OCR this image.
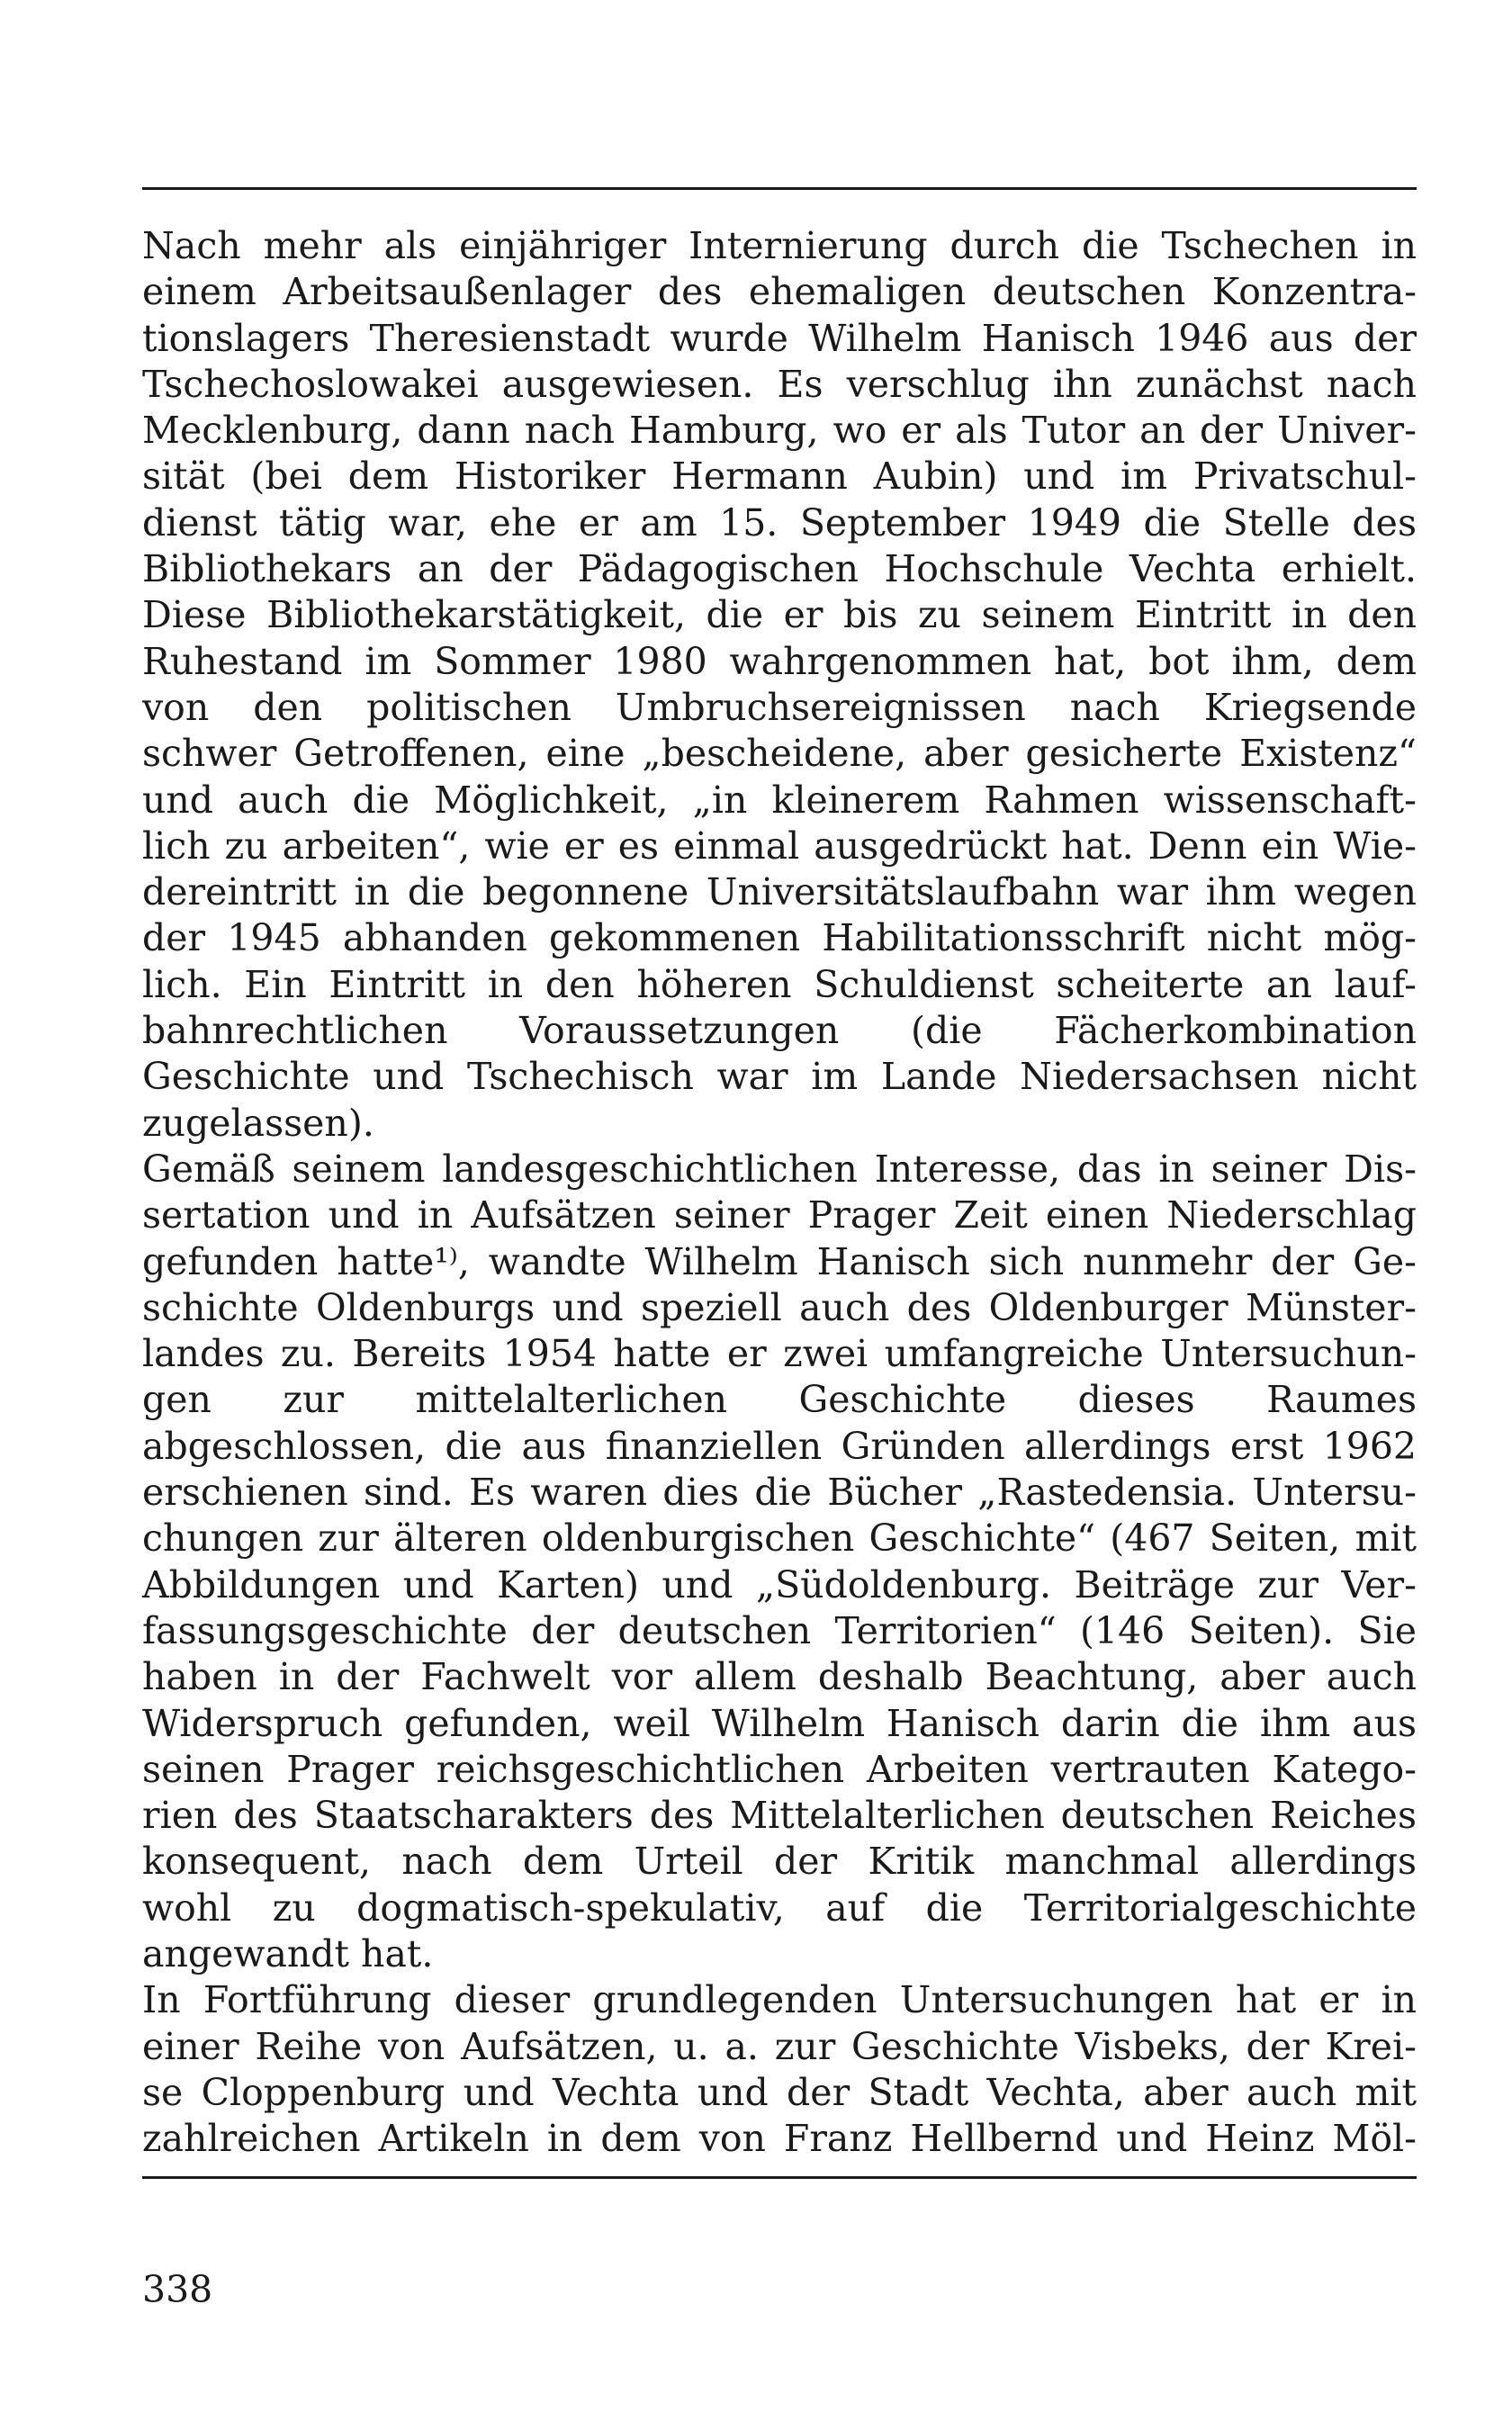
Nach mehr als einjähriger Internierung durch die Tschechen in
einem Arbeitsaußenlager des ehemaligen deutschen Konzentra-
tionslagers Theresienstadt wurde Wilhelm Hanisch 1946 aus der
Tschechoslowakei ausgewiesen. Es verschlug ihn zunächst nach
Mecklenburg, dann nach Hamburg, wo er als Tutor an der Univer-
sität (bei dem Historiker Hermann Aubin) und im Privatschul-
dienst tätig war, ehe er am 15. September 1949 die Stelle des
Bibliothekars an der Pädagogischen Hochschule Vechta erhielt.
Diese Bibliothekarstätigkeit, die er bis zu seinem Eintritt in den
Ruhestand im Sommer 1980 wahrgenommen hat, bot ihm, dem
von den politischen Umbruchsereignissen nach Kriegsende
schwer Getroffenen, eine „bescheidene, aber gesicherte Existenz“
und auch die Möglichkeit, „in kleinerem Rahmen wissenschaft-
lich zu arbeiten“, wie er es einmal ausgedrückt hat. Denn ein Wie-
dereintritt in die begonnene Universitätslaufbahn war ihm wegen
der 1945 abhanden gekommenen Habilitationsschrift nicht mög-
lich. Ein Eintritt in den höheren Schuldienst scheiterte an lauf-
bahnrechtlichen Voraussetzungen (die Fächerkombination
Geschichte und Tschechisch war im Lande Niedersachsen nicht
zugelassen).
Gemäß seinem landesgeschichtlichen Interesse, das in seiner Dis-
sertation und in Aufsätzen seiner Prager Zeit einen Niederschlag
gefunden hatte¹⁾, wandte Wilhelm Hanisch sich nunmehr der Ge-
schichte Oldenburgs und speziell auch des Oldenburger Münster-
landes zu. Bereits 1954 hatte er zwei umfangreiche Untersuchun-
gen zur mittelalterlichen Geschichte dieses Raumes
abgeschlossen, die aus finanziellen Gründen allerdings erst 1962
erschienen sind. Es waren dies die Bücher „Rastedensia. Untersu-
chungen zur älteren oldenburgischen Geschichte“ (467 Seiten, mit
Abbildungen und Karten) und „Südoldenburg. Beiträge zur Ver-
fassungsgeschichte der deutschen Territorien“ (146 Seiten). Sie
haben in der Fachwelt vor allem deshalb Beachtung, aber auch
Widerspruch gefunden, weil Wilhelm Hanisch darin die ihm aus
seinen Prager reichsgeschichtlichen Arbeiten vertrauten Katego-
rien des Staatscharakters des Mittelalterlichen deutschen Reiches
konsequent, nach dem Urteil der Kritik manchmal allerdings
wohl zu dogmatisch-spekulativ, auf die Territorialgeschichte
angewandt hat.
In Fortführung dieser grundlegenden Untersuchungen hat er in
einer Reihe von Aufsätzen, u. a. zur Geschichte Visbeks, der Krei-
se Cloppenburg und Vechta und der Stadt Vechta, aber auch mit
zahlreichen Artikeln in dem von Franz Hellbernd und Heinz Möl-
338
